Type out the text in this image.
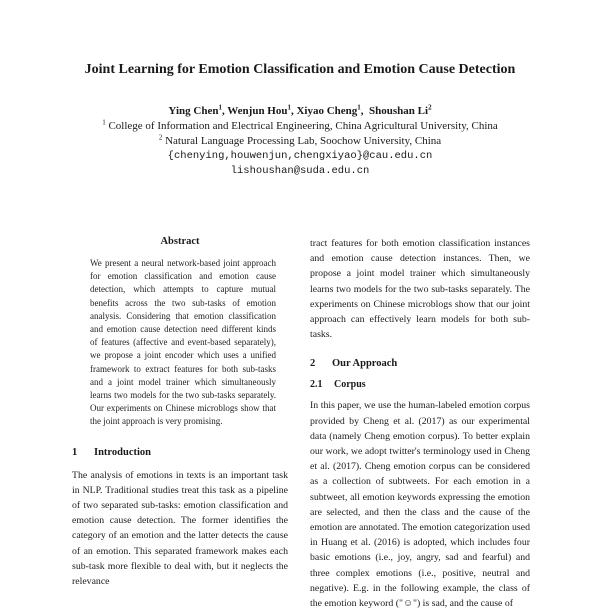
Joint Learning for Emotion Classification and Emotion Cause Detection
Ying Chen$^1$, Wenjun Hou$^1$, Xiyao Cheng$^1$,  Shoushan Li$^2$
$^1$ College of Information and Electrical Engineering, China Agricultural University, China
$^2$ Natural Language Processing Lab, Soochow University, China
{chenying,houwenjun,chengxiyao}@cau.edu.cn
lishoushan@suda.edu.cn
Abstract

We present a neural network-based joint approach for emotion classification and emotion cause detection, which attempts to capture mutual benefits across the two sub-tasks of emotion analysis. Considering that emotion classification and emotion cause detection need different kinds of features (affective and event-based separately), we propose a joint encoder which uses a unified framework to extract features for both sub-tasks and a joint model trainer which simultaneously learns two models for the two sub-tasks separately. Our experiments on Chinese microblogs show that the joint approach is very promising.

1 Introduction

The analysis of emotions in texts is an important task in NLP. Traditional studies treat this task as a pipeline of two separated sub-tasks: emotion classification and emotion cause detection. The former identifies the category of an emotion and the latter detects the cause of an emotion. This separated framework makes each sub-task more flexible to deal with, but it neglects the relevance

tract features for both emotion classification instances and emotion cause detection instances. Then, we propose a joint model trainer which simultaneously learns two models for the two sub-tasks separately. The experiments on Chinese microblogs show that our joint approach can effectively learn models for both sub-tasks.

2 Our Approach
2.1 Corpus

In this paper, we use the human-labeled emotion corpus provided by Cheng et al. (2017) as our experimental data (namely Cheng emotion corpus). To better explain our work, we adopt twitter's terminology used in Cheng et al. (2017). Cheng emotion corpus can be considered as a collection of subtweets. For each emotion in a subtweet, all emotion keywords expressing the emotion are selected, and then the class and the cause of the emotion are annotated. The emotion categorization used in Huang et al. (2016) is adopted, which includes four basic emotions (i.e., joy, angry, sad and fearful) and three complex emotions (i.e., positive, neutral and negative). E.g. in the following example, the class of the emotion keyword ("☺") is sad, and the cause of
